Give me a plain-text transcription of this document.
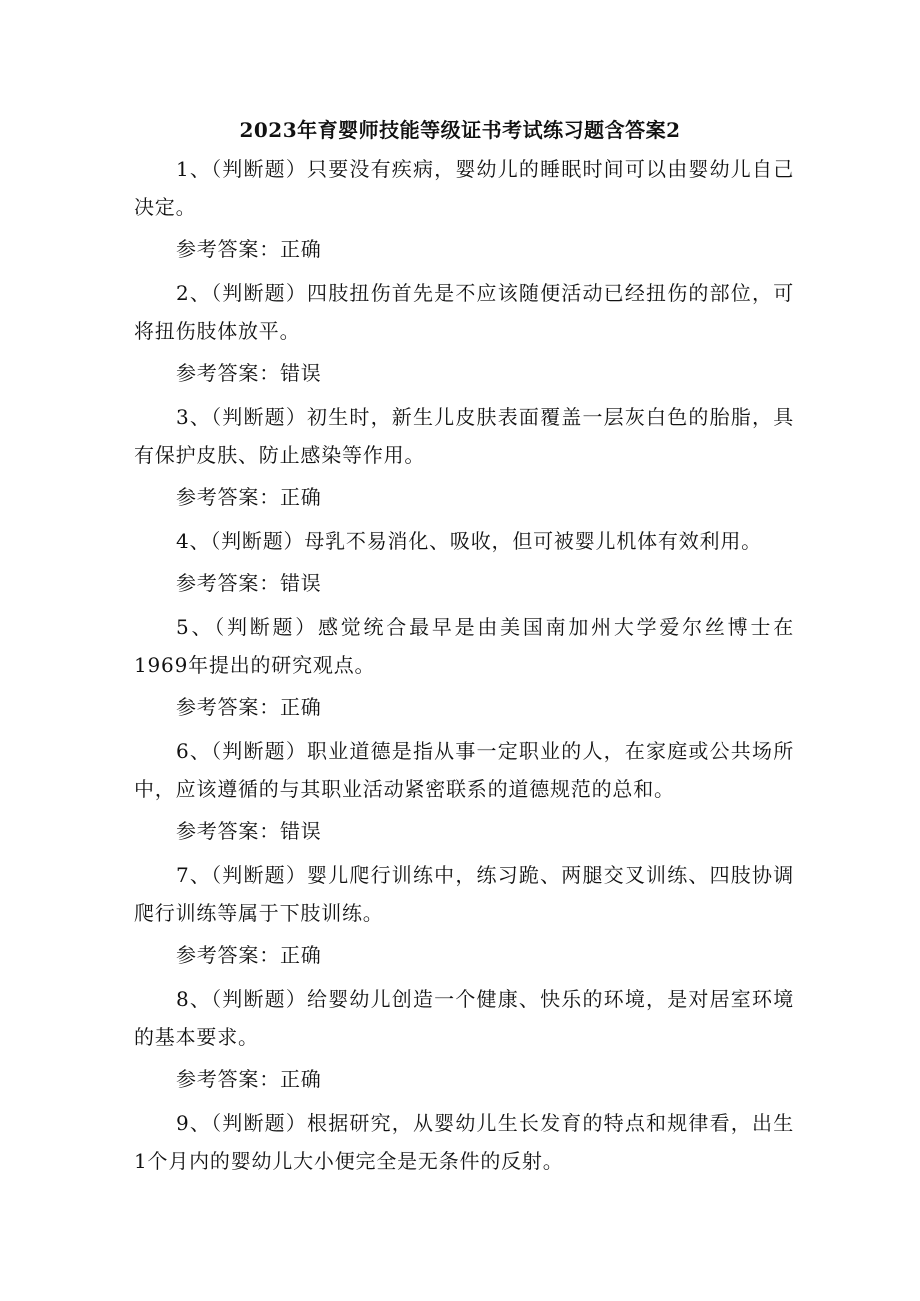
2023年育婴师技能等级证书考试练习题含答案2

1、（判断题）只要没有疾病，婴幼儿的睡眠时间可以由婴幼儿自己决定。

参考答案：正确

2、（判断题）四肢扭伤首先是不应该随便活动已经扭伤的部位，可将扭伤肢体放平。

参考答案：错误

3、（判断题）初生时，新生儿皮肤表面覆盖一层灰白色的胎脂，具有保护皮肤、防止感染等作用。

参考答案：正确

4、（判断题）母乳不易消化、吸收，但可被婴儿机体有效利用。

参考答案：错误

5、（判断题）感觉统合最早是由美国南加州大学爱尔丝博士在1969年提出的研究观点。

参考答案：正确

6、（判断题）职业道德是指从事一定职业的人，在家庭或公共场所中，应该遵循的与其职业活动紧密联系的道德规范的总和。

参考答案：错误

7、（判断题）婴儿爬行训练中，练习跪、两腿交叉训练、四肢协调爬行训练等属于下肢训练。

参考答案：正确

8、（判断题）给婴幼儿创造一个健康、快乐的环境，是对居室环境的基本要求。

参考答案：正确

9、（判断题）根据研究，从婴幼儿生长发育的特点和规律看，出生1个月内的婴幼儿大小便完全是无条件的反射。
